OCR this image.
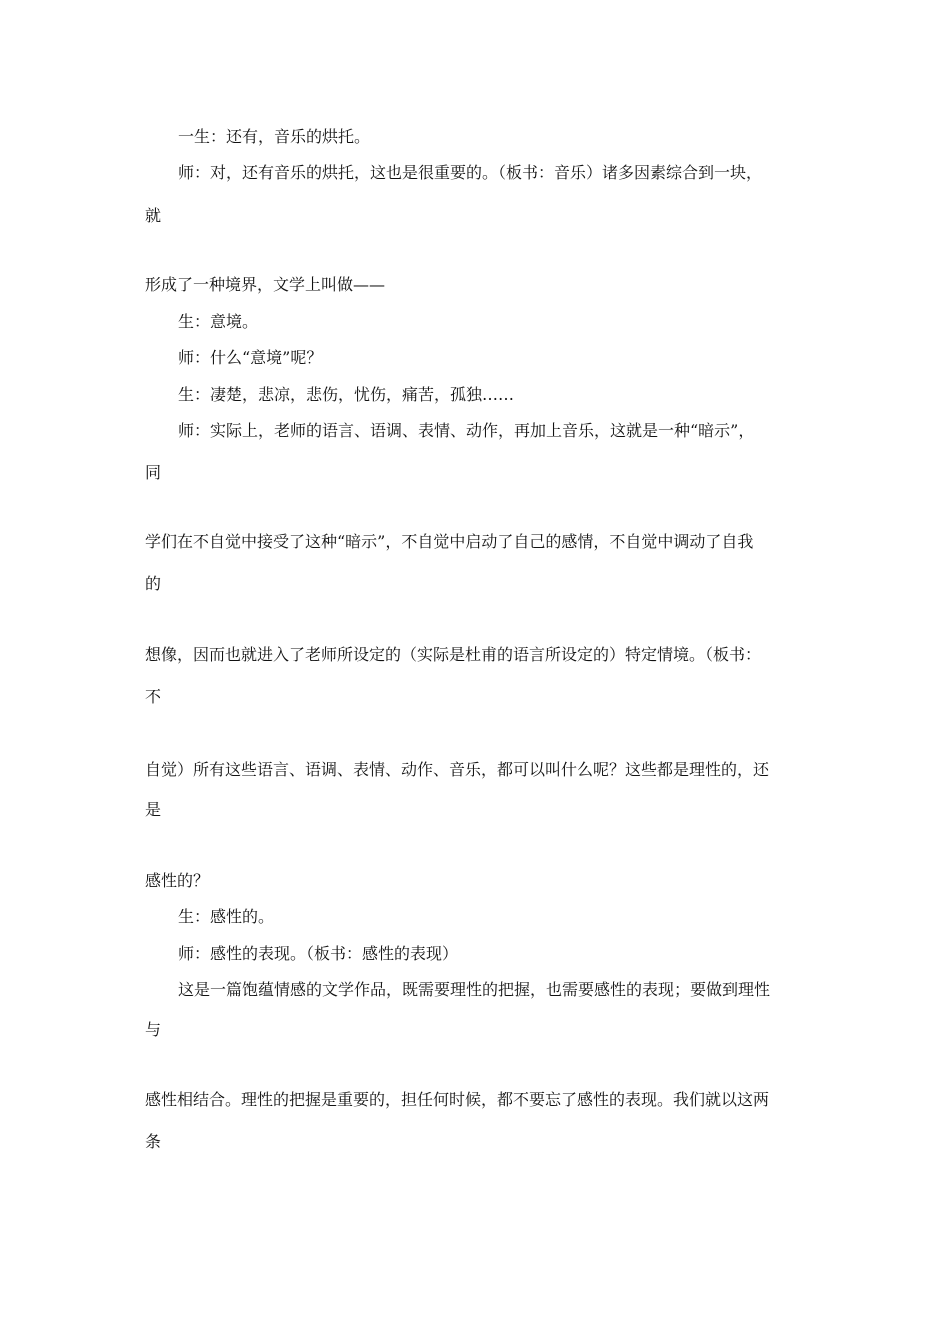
一生：还有，音乐的烘托。
师：对，还有音乐的烘托，这也是很重要的。（板书：音乐）诸多因素综合到一块，
就
形成了一种境界，文学上叫做——
生：意境。
师：什么“意境”呢？
生：凄楚，悲凉，悲伤，忧伤，痛苦，孤独……
师：实际上，老师的语言、语调、表情、动作，再加上音乐，这就是一种“暗示”，
同
学们在不自觉中接受了这种“暗示”，不自觉中启动了自己的感情，不自觉中调动了自我
的
想像，因而也就进入了老师所设定的（实际是杜甫的语言所设定的）特定情境。（板书：
不
自觉）所有这些语言、语调、表情、动作、音乐，都可以叫什么呢？这些都是理性的，还
是
感性的？
生：感性的。
师：感性的表现。（板书：感性的表现）
这是一篇饱蕴情感的文学作品，既需要理性的把握，也需要感性的表现；要做到理性
与
感性相结合。理性的把握是重要的，担任何时候，都不要忘了感性的表现。我们就以这两
条
